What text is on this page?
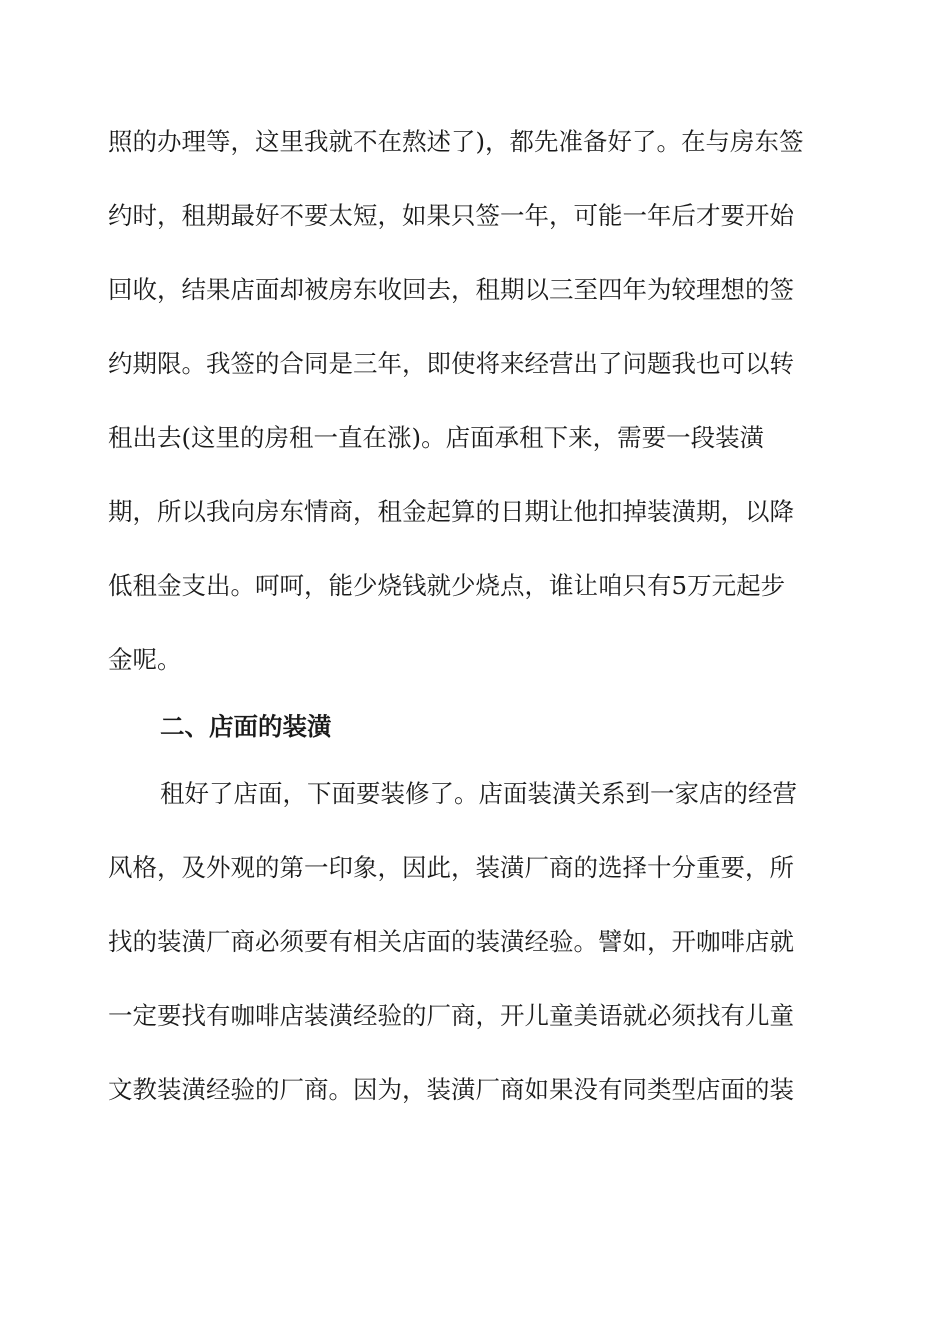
照的办理等，这里我就不在熬述了)，都先准备好了。在与房东签
约时，租期最好不要太短，如果只签一年，可能一年后才要开始
回收，结果店面却被房东收回去，租期以三至四年为较理想的签
约期限。我签的合同是三年，即使将来经营出了问题我也可以转
租出去(这里的房租一直在涨)。店面承租下来，需要一段装潢
期，所以我向房东情商，租金起算的日期让他扣掉装潢期，以降
低租金支出。呵呵，能少烧钱就少烧点，谁让咱只有5万元起步
金呢。
二、店面的装潢
租好了店面，下面要装修了。店面装潢关系到一家店的经营
风格，及外观的第一印象，因此，装潢厂商的选择十分重要，所
找的装潢厂商必须要有相关店面的装潢经验。譬如，开咖啡店就
一定要找有咖啡店装潢经验的厂商，开儿童美语就必须找有儿童
文教装潢经验的厂商。因为，装潢厂商如果没有同类型店面的装
